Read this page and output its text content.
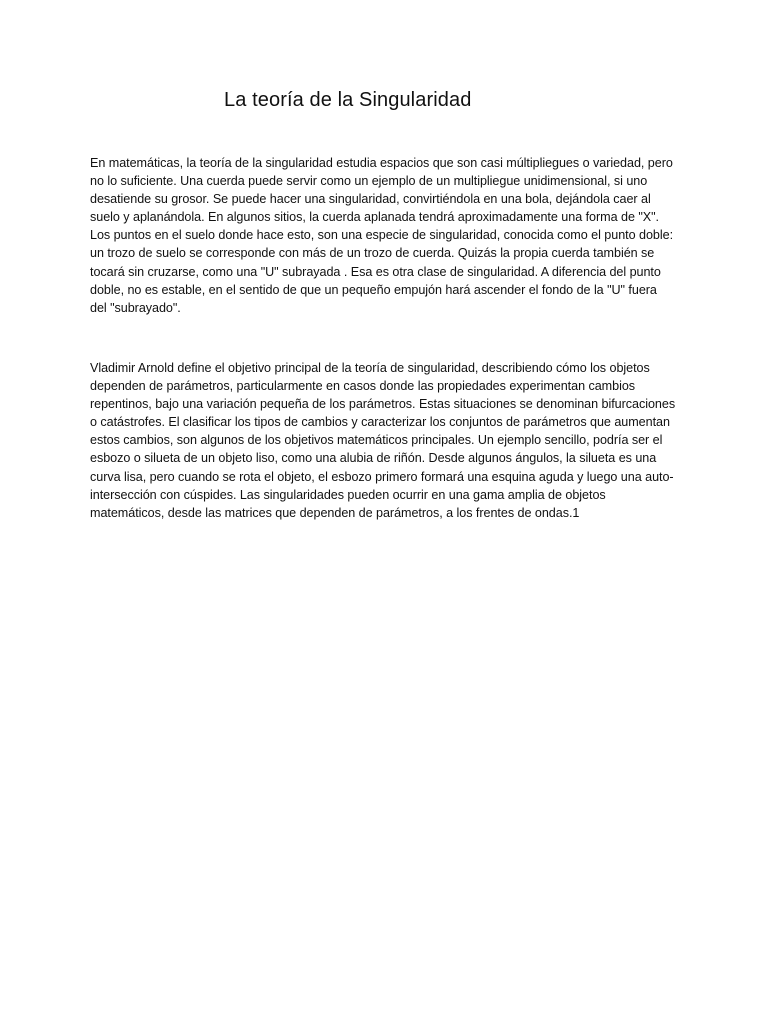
La teoría de la Singularidad

En matemáticas, la teoría de la singularidad estudia espacios que son casi múltipliegues o variedad, pero
no lo suficiente. Una cuerda puede servir como un ejemplo de un multipliegue unidimensional, si uno
desatiende su grosor. Se puede hacer una singularidad, convirtiéndola en una bola, dejándola caer al
suelo y aplanándola. En algunos sitios, la cuerda aplanada tendrá aproximadamente una forma de "X".
Los puntos en el suelo donde hace esto, son una especie de singularidad, conocida como el punto doble:
un trozo de suelo se corresponde con más de un trozo de cuerda. Quizás la propia cuerda también se
tocará sin cruzarse, como una "U" subrayada . Esa es otra clase de singularidad. A diferencia del punto
doble, no es estable, en el sentido de que un pequeño empujón hará ascender el fondo de la "U" fuera
del "subrayado".

Vladimir Arnold define el objetivo principal de la teoría de singularidad, describiendo cómo los objetos
dependen de parámetros, particularmente en casos donde las propiedades experimentan cambios
repentinos, bajo una variación pequeña de los parámetros. Estas situaciones se denominan bifurcaciones
o catástrofes. El clasificar los tipos de cambios y caracterizar los conjuntos de parámetros que aumentan
estos cambios, son algunos de los objetivos matemáticos principales. Un ejemplo sencillo, podría ser el
esbozo o silueta de un objeto liso, como una alubia de riñón. Desde algunos ángulos, la silueta es una
curva lisa, pero cuando se rota el objeto, el esbozo primero formará una esquina aguda y luego una auto-
intersección con cúspides. Las singularidades pueden ocurrir en una gama amplia de objetos
matemáticos, desde las matrices que dependen de parámetros, a los frentes de ondas.1
